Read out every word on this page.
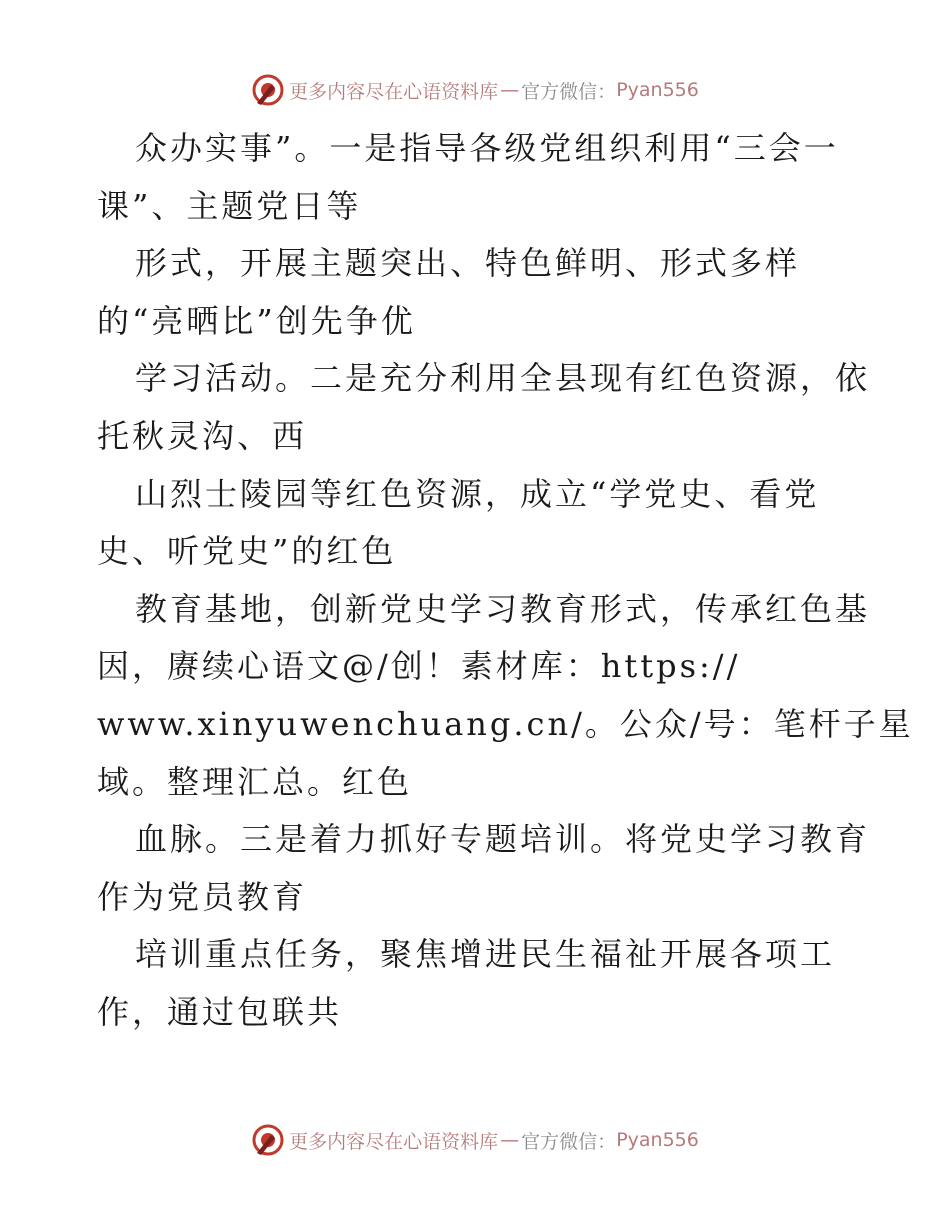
更多内容尽在心语资料库 — 官方微信： Pyan556
众办实事”。一是指导各级党组织利用“三会一
课”、主题党日等
形式，开展主题突出、特色鲜明、形式多样
的“亮晒比”创先争优
学习活动。二是充分利用全县现有红色资源，依
托秋灵沟、西
山烈士陵园等红色资源，成立“学党史、看党
史、听党史”的红色
教育基地，创新党史学习教育形式，传承红色基
因，赓续心语文@/创！素材库：https://
www.xinyuwenchuang.cn/。公众/号：笔杆子星
域。整理汇总。红色
血脉。三是着力抓好专题培训。将党史学习教育
作为党员教育
培训重点任务，聚焦增进民生福祉开展各项工
作，通过包联共
更多内容尽在心语资料库 — 官方微信： Pyan556
